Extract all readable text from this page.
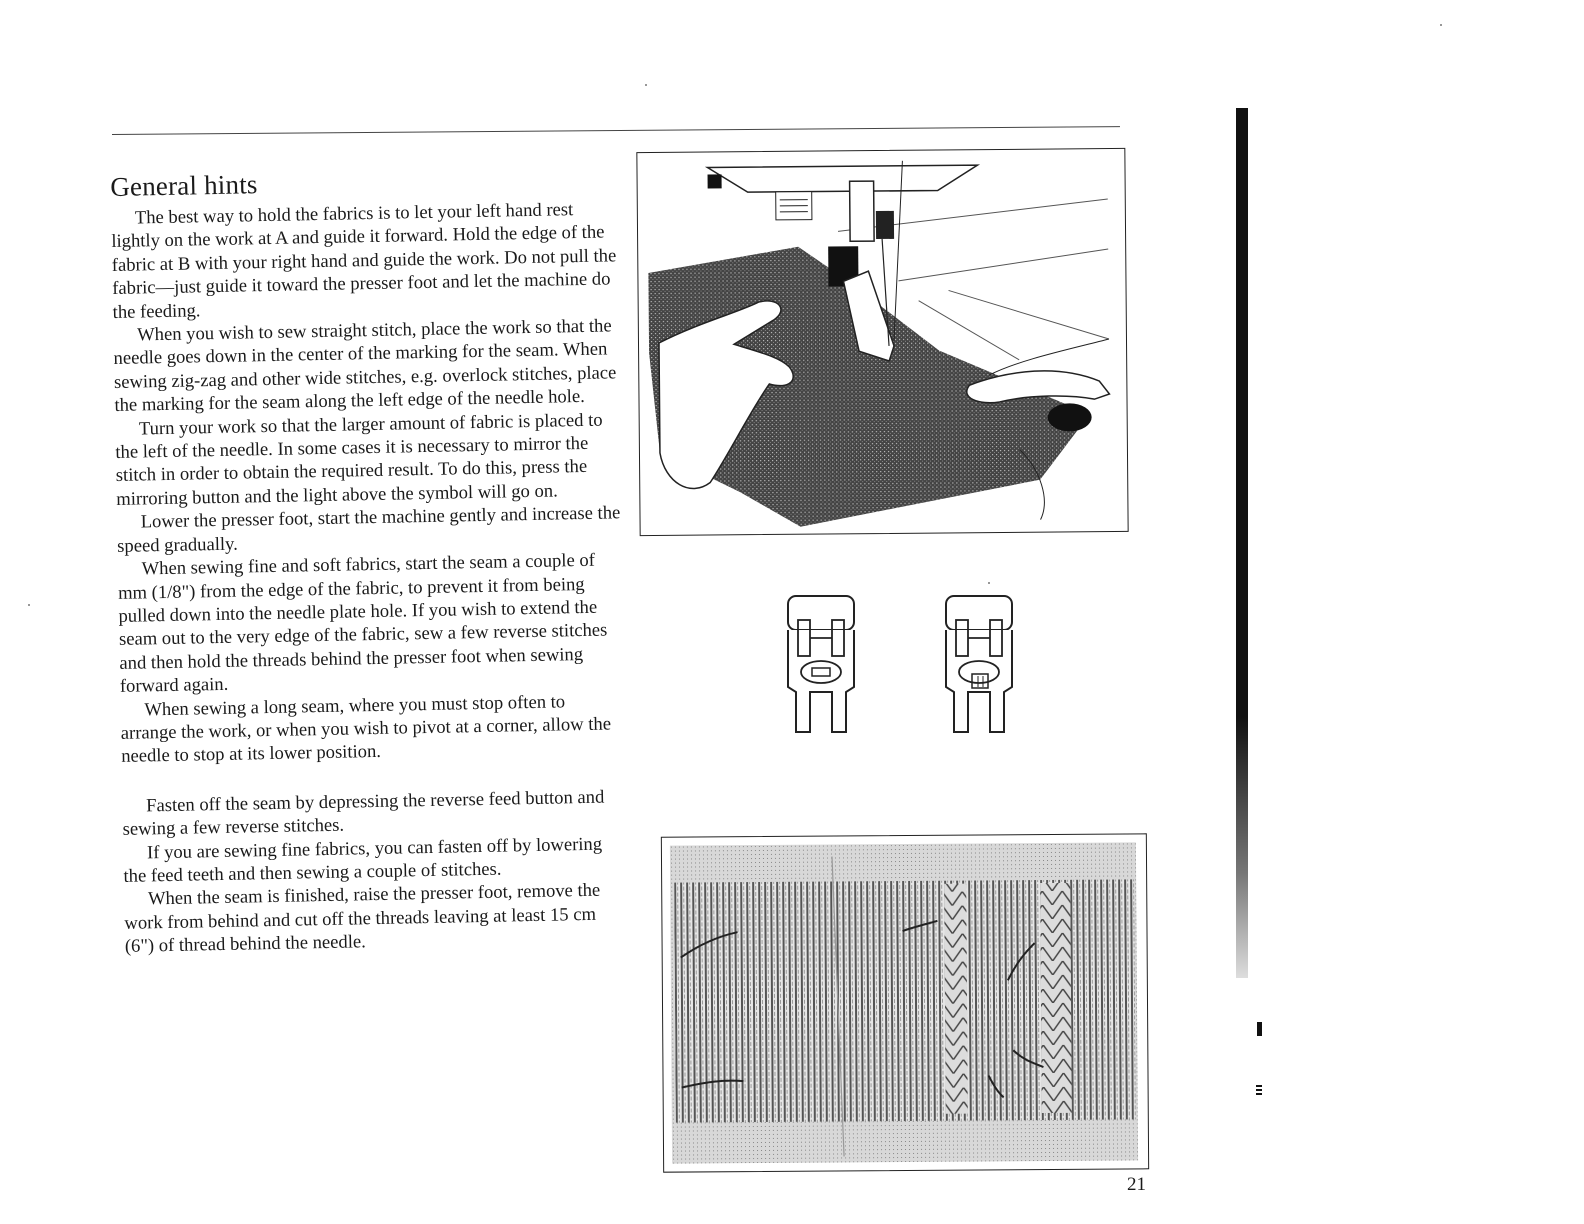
General hints

The best way to hold the fabrics is to let your left hand rest lightly on the work at A and guide it forward. Hold the edge of the fabric at B with your right hand and guide the work. Do not pull the fabric—just guide it toward the presser foot and let the machine do the feeding.

When you wish to sew straight stitch, place the work so that the needle goes down in the center of the marking for the seam. When sewing zig-zag and other wide stitches, e.g. overlock stitches, place the marking for the seam along the left edge of the needle hole.

Turn your work so that the larger amount of fabric is placed to the left of the needle. In some cases it is necessary to mirror the stitch in order to obtain the required result. To do this, press the mirroring button and the light above the symbol will go on.

Lower the presser foot, start the machine gently and increase the speed gradually.

When sewing fine and soft fabrics, start the seam a couple of mm (1/8") from the edge of the fabric, to prevent it from being pulled down into the needle plate hole. If you wish to extend the seam out to the very edge of the fabric, sew a few reverse stitches and then hold the threads behind the presser foot when sewing forward again.

When sewing a long seam, where you must stop often to arrange the work, or when you wish to pivot at a corner, allow the needle to stop at its lower position.

Fasten off the seam by depressing the reverse feed button and sewing a few reverse stitches.

If you are sewing fine fabrics, you can fasten off by lowering the feed teeth and then sewing a couple of stitches.

When the seam is finished, raise the presser foot, remove the work from behind and cut off the threads leaving at least 15 cm (6") of thread behind the needle.

21
